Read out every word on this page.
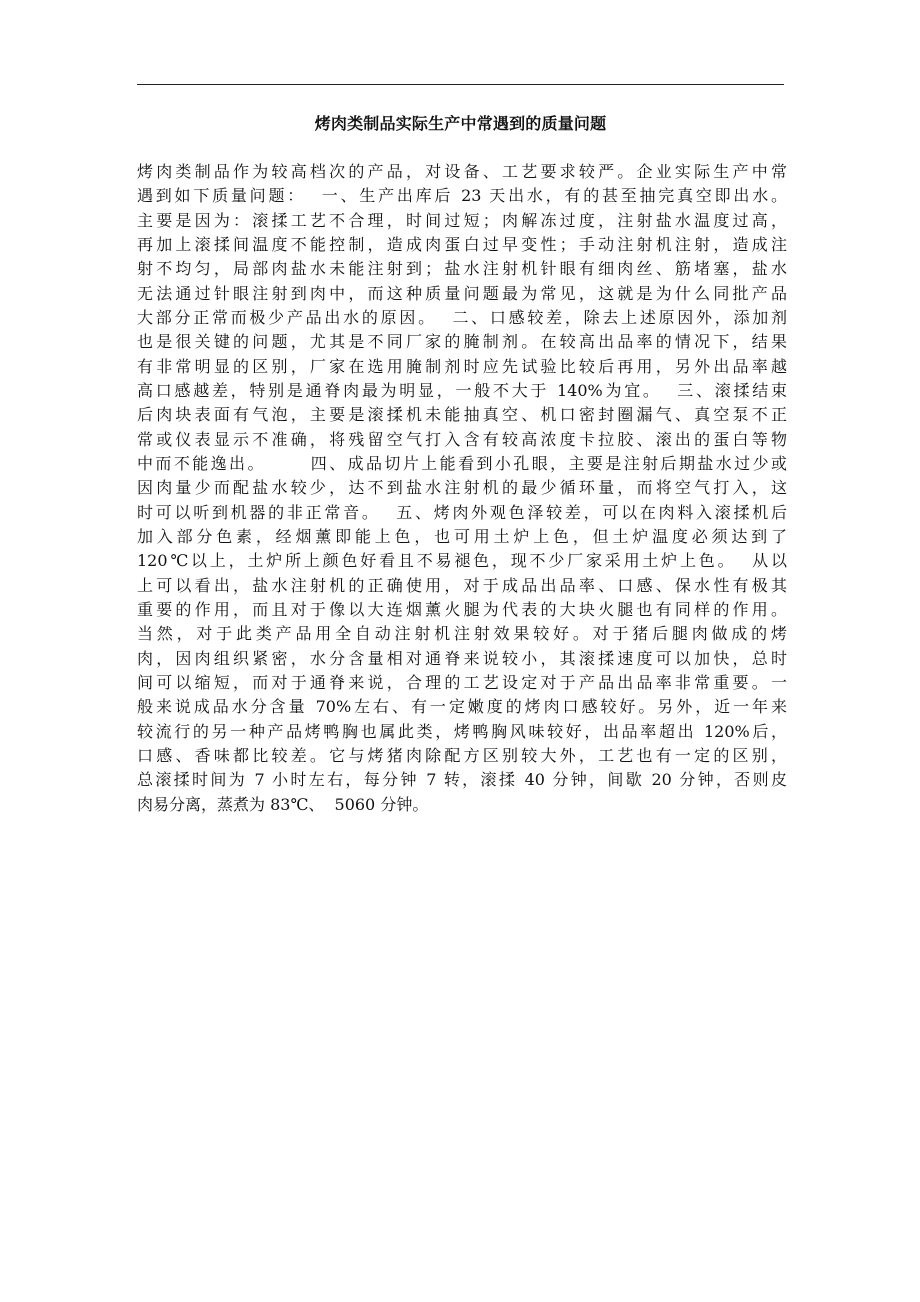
烤肉类制品实际生产中常遇到的质量问题
烤肉类制品作为较高档次的产品，对设备、工艺要求较严。企业实际生产中常
遇到如下质量问题：  一、生产出库后 23 天出水，有的甚至抽完真空即出水。
主要是因为：滚揉工艺不合理，时间过短；肉解冻过度，注射盐水温度过高，
再加上滚揉间温度不能控制，造成肉蛋白过早变性；手动注射机注射，造成注
射不均匀，局部肉盐水未能注射到；盐水注射机针眼有细肉丝、筋堵塞，盐水
无法通过针眼注射到肉中，而这种质量问题最为常见，这就是为什么同批产品
大部分正常而极少产品出水的原因。  二、口感较差，除去上述原因外，添加剂
也是很关键的问题，尤其是不同厂家的腌制剂。在较高出品率的情况下，结果
有非常明显的区别，厂家在选用腌制剂时应先试验比较后再用，另外出品率越
高口感越差，特别是通脊肉最为明显，一般不大于 140%为宜。  三、滚揉结束
后肉块表面有气泡，主要是滚揉机未能抽真空、机口密封圈漏气、真空泵不正
常或仪表显示不准确，将残留空气打入含有较高浓度卡拉胶、滚出的蛋白等物
中而不能逸出。      四、成品切片上能看到小孔眼，主要是注射后期盐水过少或
因肉量少而配盐水较少，达不到盐水注射机的最少循环量，而将空气打入，这
时可以听到机器的非正常音。  五、烤肉外观色泽较差，可以在肉料入滚揉机后
加入部分色素，经烟薰即能上色，也可用土炉上色，但土炉温度必须达到了
120℃以上，土炉所上颜色好看且不易褪色，现不少厂家采用土炉上色。  从以
上可以看出，盐水注射机的正确使用，对于成品出品率、口感、保水性有极其
重要的作用，而且对于像以大连烟薰火腿为代表的大块火腿也有同样的作用。
当然，对于此类产品用全自动注射机注射效果较好。对于猪后腿肉做成的烤
肉，因肉组织紧密，水分含量相对通脊来说较小，其滚揉速度可以加快，总时
间可以缩短，而对于通脊来说，合理的工艺设定对于产品出品率非常重要。一
般来说成品水分含量 70%左右、有一定嫩度的烤肉口感较好。另外，近一年来
较流行的另一种产品烤鸭胸也属此类，烤鸭胸风味较好，出品率超出 120%后，
口感、香味都比较差。它与烤猪肉除配方区别较大外，工艺也有一定的区别，
总滚揉时间为 7 小时左右，每分钟 7 转，滚揉 40 分钟，间歇 20 分钟，否则皮
肉易分离，蒸煮为 83℃、  5060 分钟。
